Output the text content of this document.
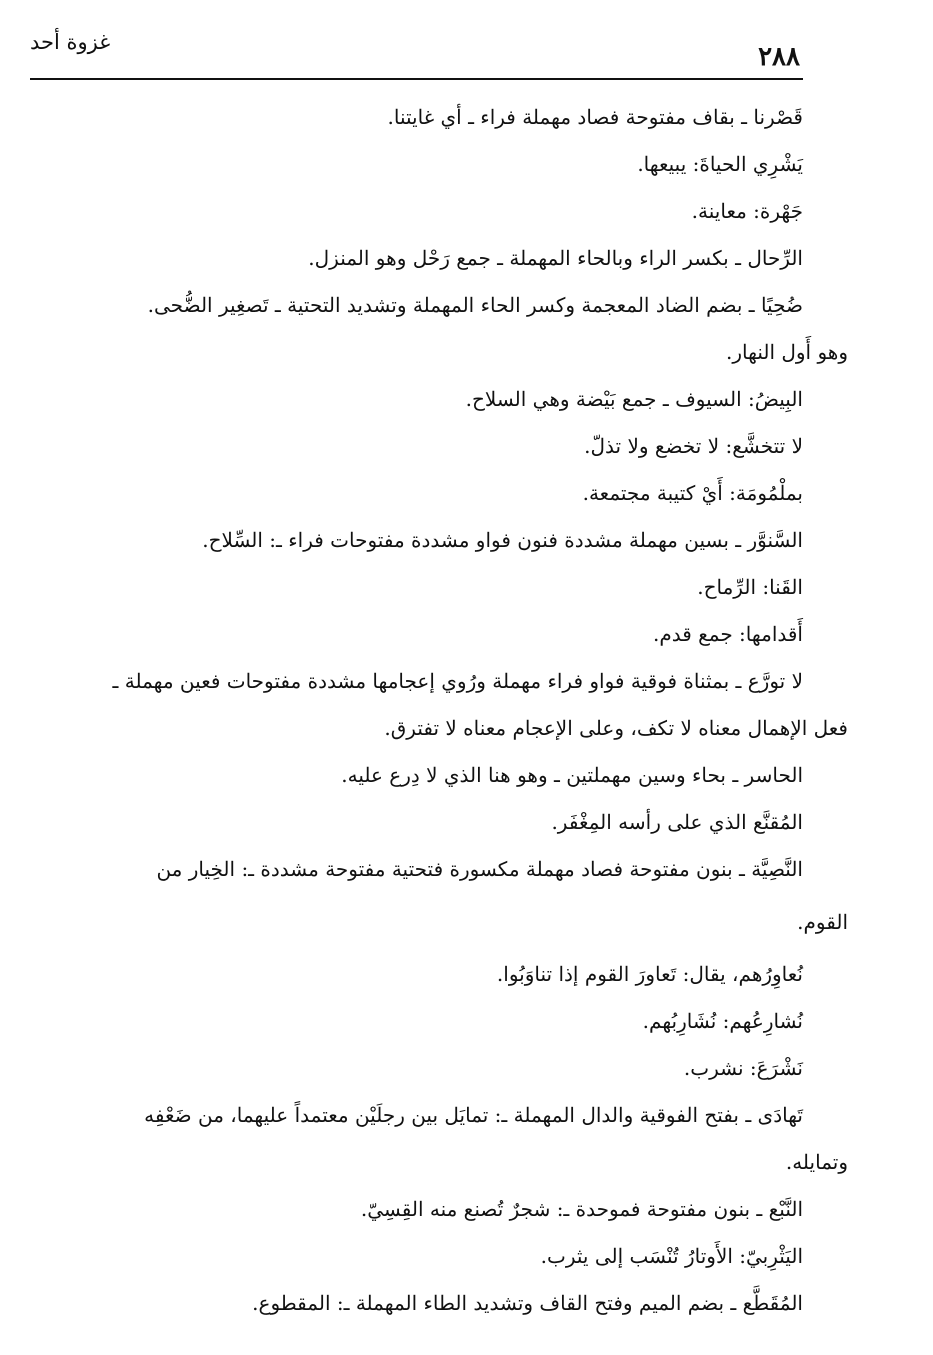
غزوة أحد	٢٨٨

قَصْرنا ـ بقاف مفتوحة فصاد مهملة فراء ـ أي غايتنا.

يَشْرِي الحياةَ: يبيعها.

جَهْرة: معاينة.

الرِّحال ـ بكسر الراء وبالحاء المهملة ـ جمع رَحْل وهو المنزل.

ضُحِيًا ـ بضم الضاد المعجمة وكسر الحاء المهملة وتشديد التحتية ـ تَصغِير الضُّحى.

وهو أَول النهار.

البِيضُ: السيوف ـ جمع بَيْضة وهي السلاح.

لا تتخشَّع: لا تخضع ولا تذلّ.

بملْمُومَة: أَيْ كتيبة مجتمعة.

السَّنوَّر ـ بسين مهملة مشددة فنون فواو مشددة مفتوحات فراء ـ: السِّلاح.

القَنا: الرِّماح.

أَقدامها: جمع قدم.

لا تورَّع ـ بمثناة فوقية فواو فراء مهملة ورُوي إعجامها مشددة مفتوحات فعين مهملة ـ

فعل الإهمال معناه لا تكف، وعلى الإعجام معناه لا تفترق.

الحاسر ـ بحاء وسين مهملتين ـ وهو هنا الذي لا دِرع عليه.

المُقنَّع الذي على رأسه المِغْفَر.

النَّصِيَّة ـ بنون مفتوحة فصاد مهملة مكسورة فتحتية مفتوحة مشددة ـ: الخِيار من

القوم.

نُعاوِرُهم، يقال: تَعاورَ القوم إذا تناوَبُوا.

نُشارِعُهم: نُشَارِبُهم.

نَشْرَعَ: نشرب.

تَهادَى ـ بفتح الفوقية والدال المهملة ـ: تمايَل بين رجلَيْن معتمداً عليهما، من ضَعْفِه

وتمايله.

النَّبْع ـ بنون مفتوحة فموحدة ـ: شجرٌ تُصنع منه القِسِيّ.

اليَثْرِبيّ: الأَوتارُ تُنْسَب إلى يثرب.

المُقَطَّع ـ بضم الميم وفتح القاف وتشديد الطاء المهملة ـ: المقطوع.
